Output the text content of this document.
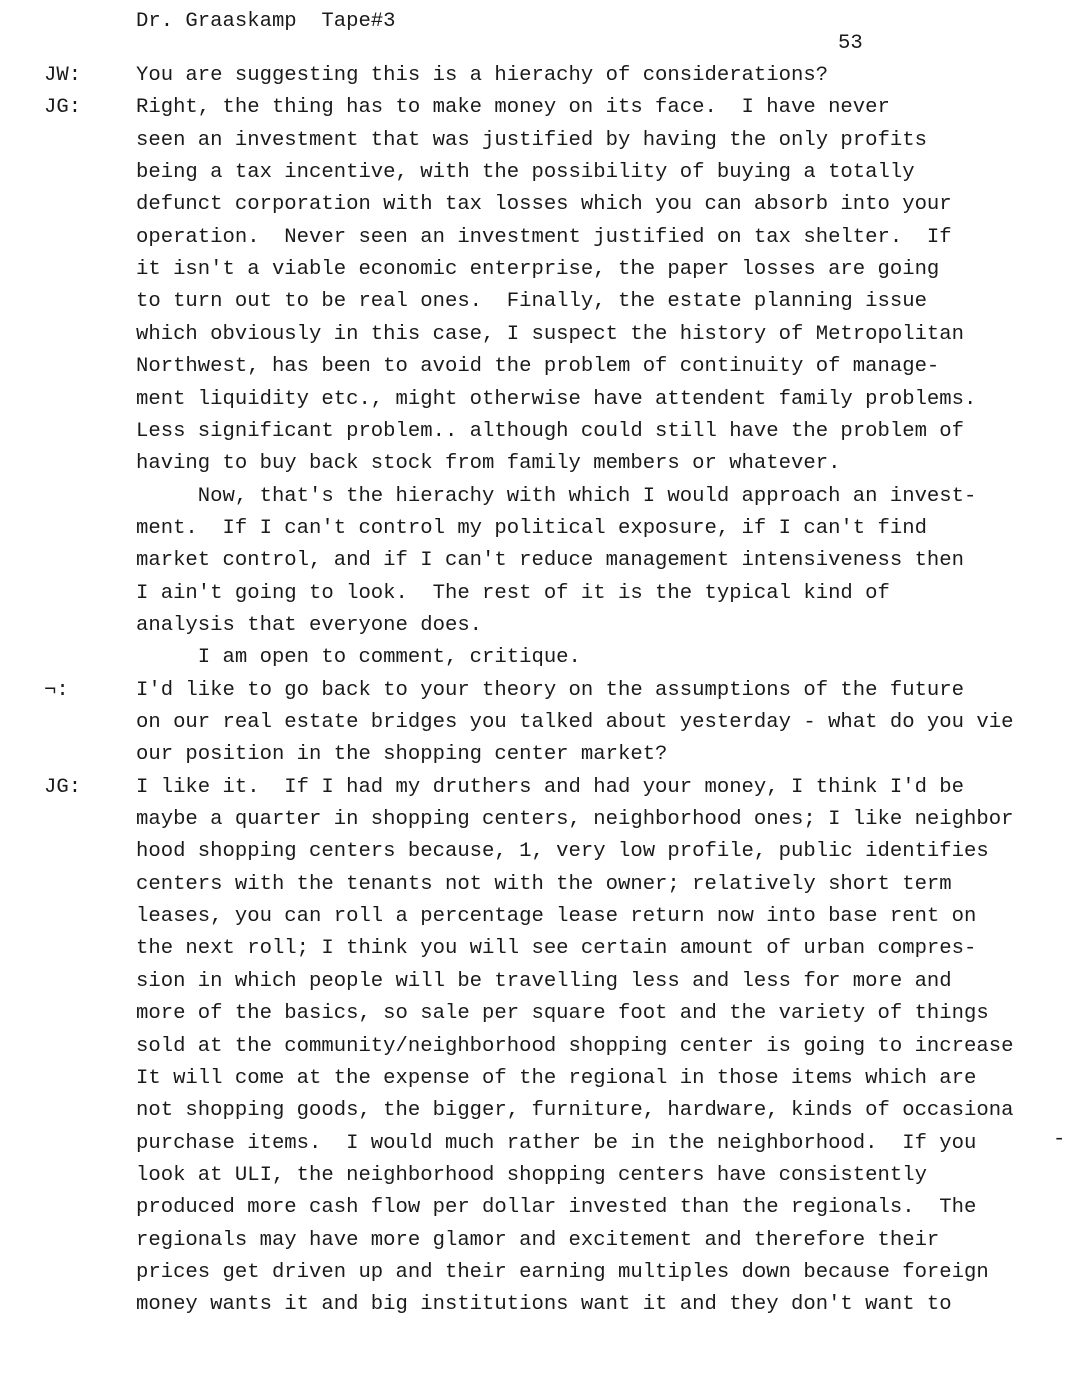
Dr. Graaskamp  Tape#3
53
JW:
JG:
¬:
JG:
You are suggesting this is a hierachy of considerations?
Right, the thing has to make money on its face.  I have never
seen an investment that was justified by having the only profits
being a tax incentive, with the possibility of buying a totally
defunct corporation with tax losses which you can absorb into your
operation.  Never seen an investment justified on tax shelter.  If
it isn't a viable economic enterprise, the paper losses are going
to turn out to be real ones.  Finally, the estate planning issue
which obviously in this case, I suspect the history of Metropolitan
Northwest, has been to avoid the problem of continuity of manage-
ment liquidity etc., might otherwise have attendent family problems.
Less significant problem.. although could still have the problem of
having to buy back stock from family members or whatever.
Now, that's the hierachy with which I would approach an invest-
ment.  If I can't control my political exposure, if I can't find
market control, and if I can't reduce management intensiveness then
I ain't going to look.  The rest of it is the typical kind of
analysis that everyone does.
I am open to comment, critique.
I'd like to go back to your theory on the assumptions of the future
on our real estate bridges you talked about yesterday - what do you vie
our position in the shopping center market?
I like it.  If I had my druthers and had your money, I think I'd be
maybe a quarter in shopping centers, neighborhood ones; I like neighbor
hood shopping centers because, 1, very low profile, public identifies
centers with the tenants not with the owner; relatively short term
leases, you can roll a percentage lease return now into base rent on
the next roll; I think you will see certain amount of urban compres-
sion in which people will be travelling less and less for more and
more of the basics, so sale per square foot and the variety of things
sold at the community/neighborhood shopping center is going to increase
It will come at the expense of the regional in those items which are
not shopping goods, the bigger, furniture, hardware, kinds of occasiona
purchase items.  I would much rather be in the neighborhood.  If you
look at ULI, the neighborhood shopping centers have consistently
produced more cash flow per dollar invested than the regionals.  The
regionals may have more glamor and excitement and therefore their
prices get driven up and their earning multiples down because foreign
money wants it and big institutions want it and they don't want to
-
